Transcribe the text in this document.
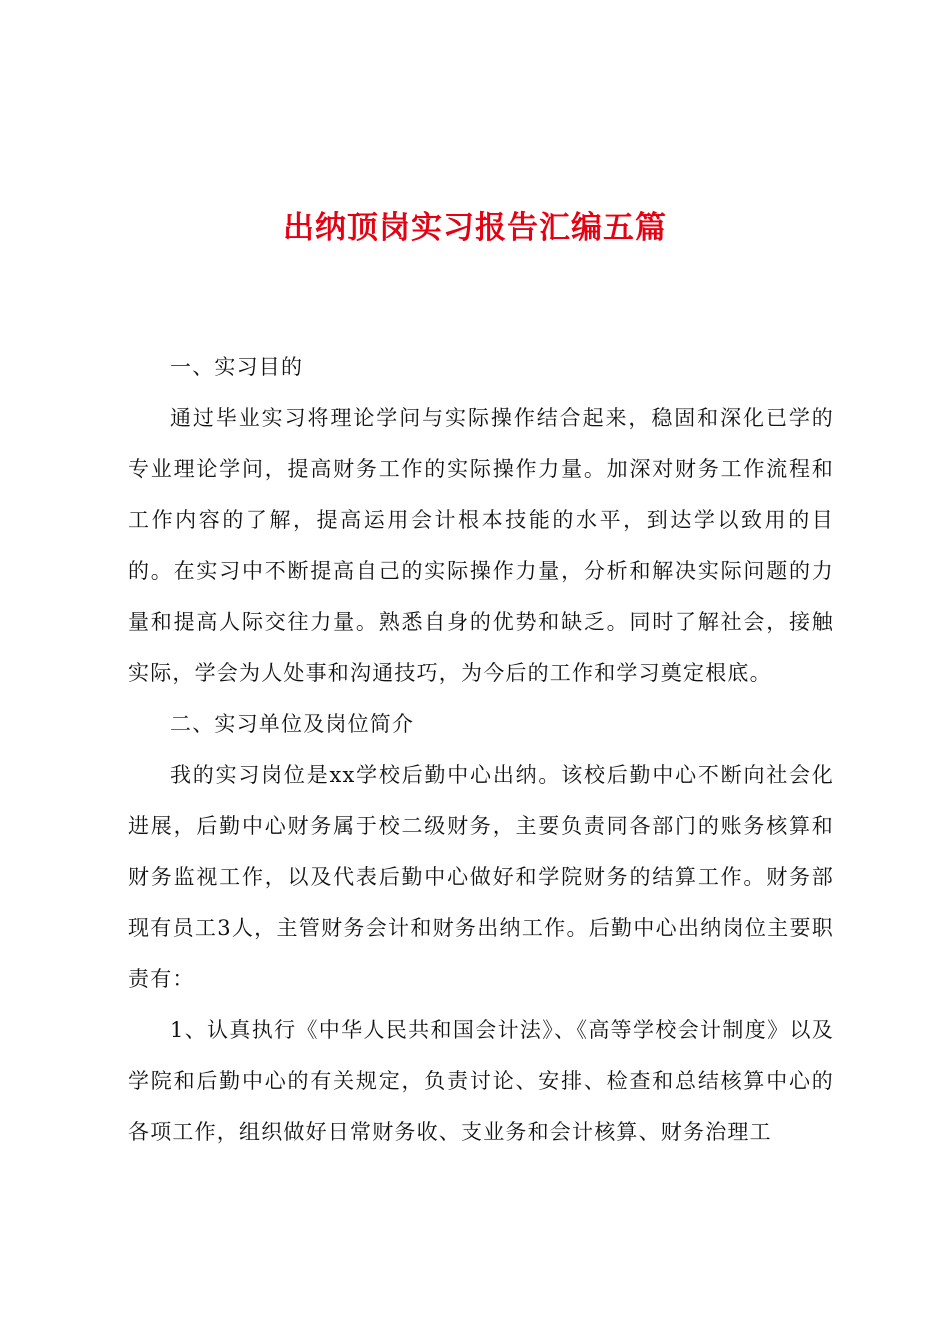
出纳顶岗实习报告汇编五篇

一、实习目的

通过毕业实习将理论学问与实际操作结合起来，稳固和深化已学的专业理论学问，提高财务工作的实际操作力量。加深对财务工作流程和工作内容的了解，提高运用会计根本技能的水平，到达学以致用的目的。在实习中不断提高自己的实际操作力量，分析和解决实际问题的力量和提高人际交往力量。熟悉自身的优势和缺乏。同时了解社会，接触实际，学会为人处事和沟通技巧，为今后的工作和学习奠定根底。

二、实习单位及岗位简介

我的实习岗位是xx学校后勤中心出纳。该校后勤中心不断向社会化进展，后勤中心财务属于校二级财务，主要负责同各部门的账务核算和财务监视工作，以及代表后勤中心做好和学院财务的结算工作。财务部现有员工3人，主管财务会计和财务出纳工作。后勤中心出纳岗位主要职责有：

1、认真执行《中华人民共和国会计法》、《高等学校会计制度》以及学院和后勤中心的有关规定，负责讨论、安排、检查和总结核算中心的各项工作，组织做好日常财务收、支业务和会计核算、财务治理工
